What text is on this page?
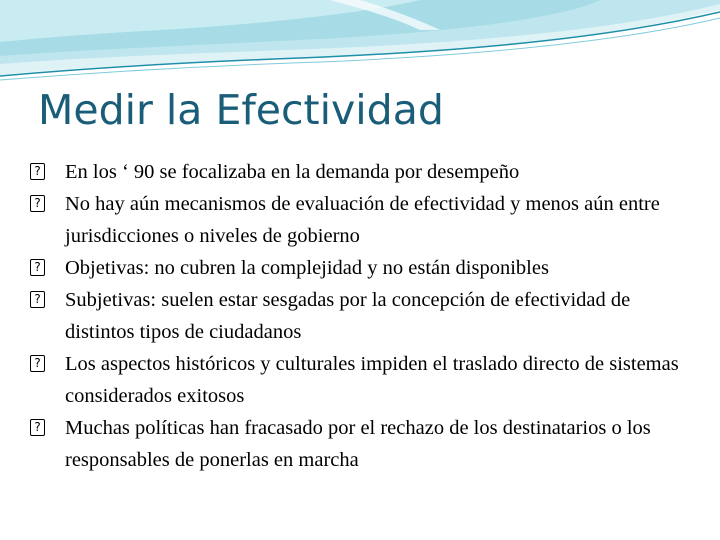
Medir la Efectividad
? En los ‘ 90 se focalizaba en la demanda por desempeño
? No hay aún mecanismos de evaluación de efectividad y menos aún entre jurisdicciones o niveles de gobierno
? Objetivas: no cubren la complejidad y no están disponibles
? Subjetivas: suelen estar sesgadas por la concepción de efectividad de distintos tipos de ciudadanos
? Los aspectos históricos y culturales impiden el traslado directo de sistemas considerados exitosos
? Muchas políticas han fracasado por el rechazo de los destinatarios o los responsables de ponerlas en marcha
